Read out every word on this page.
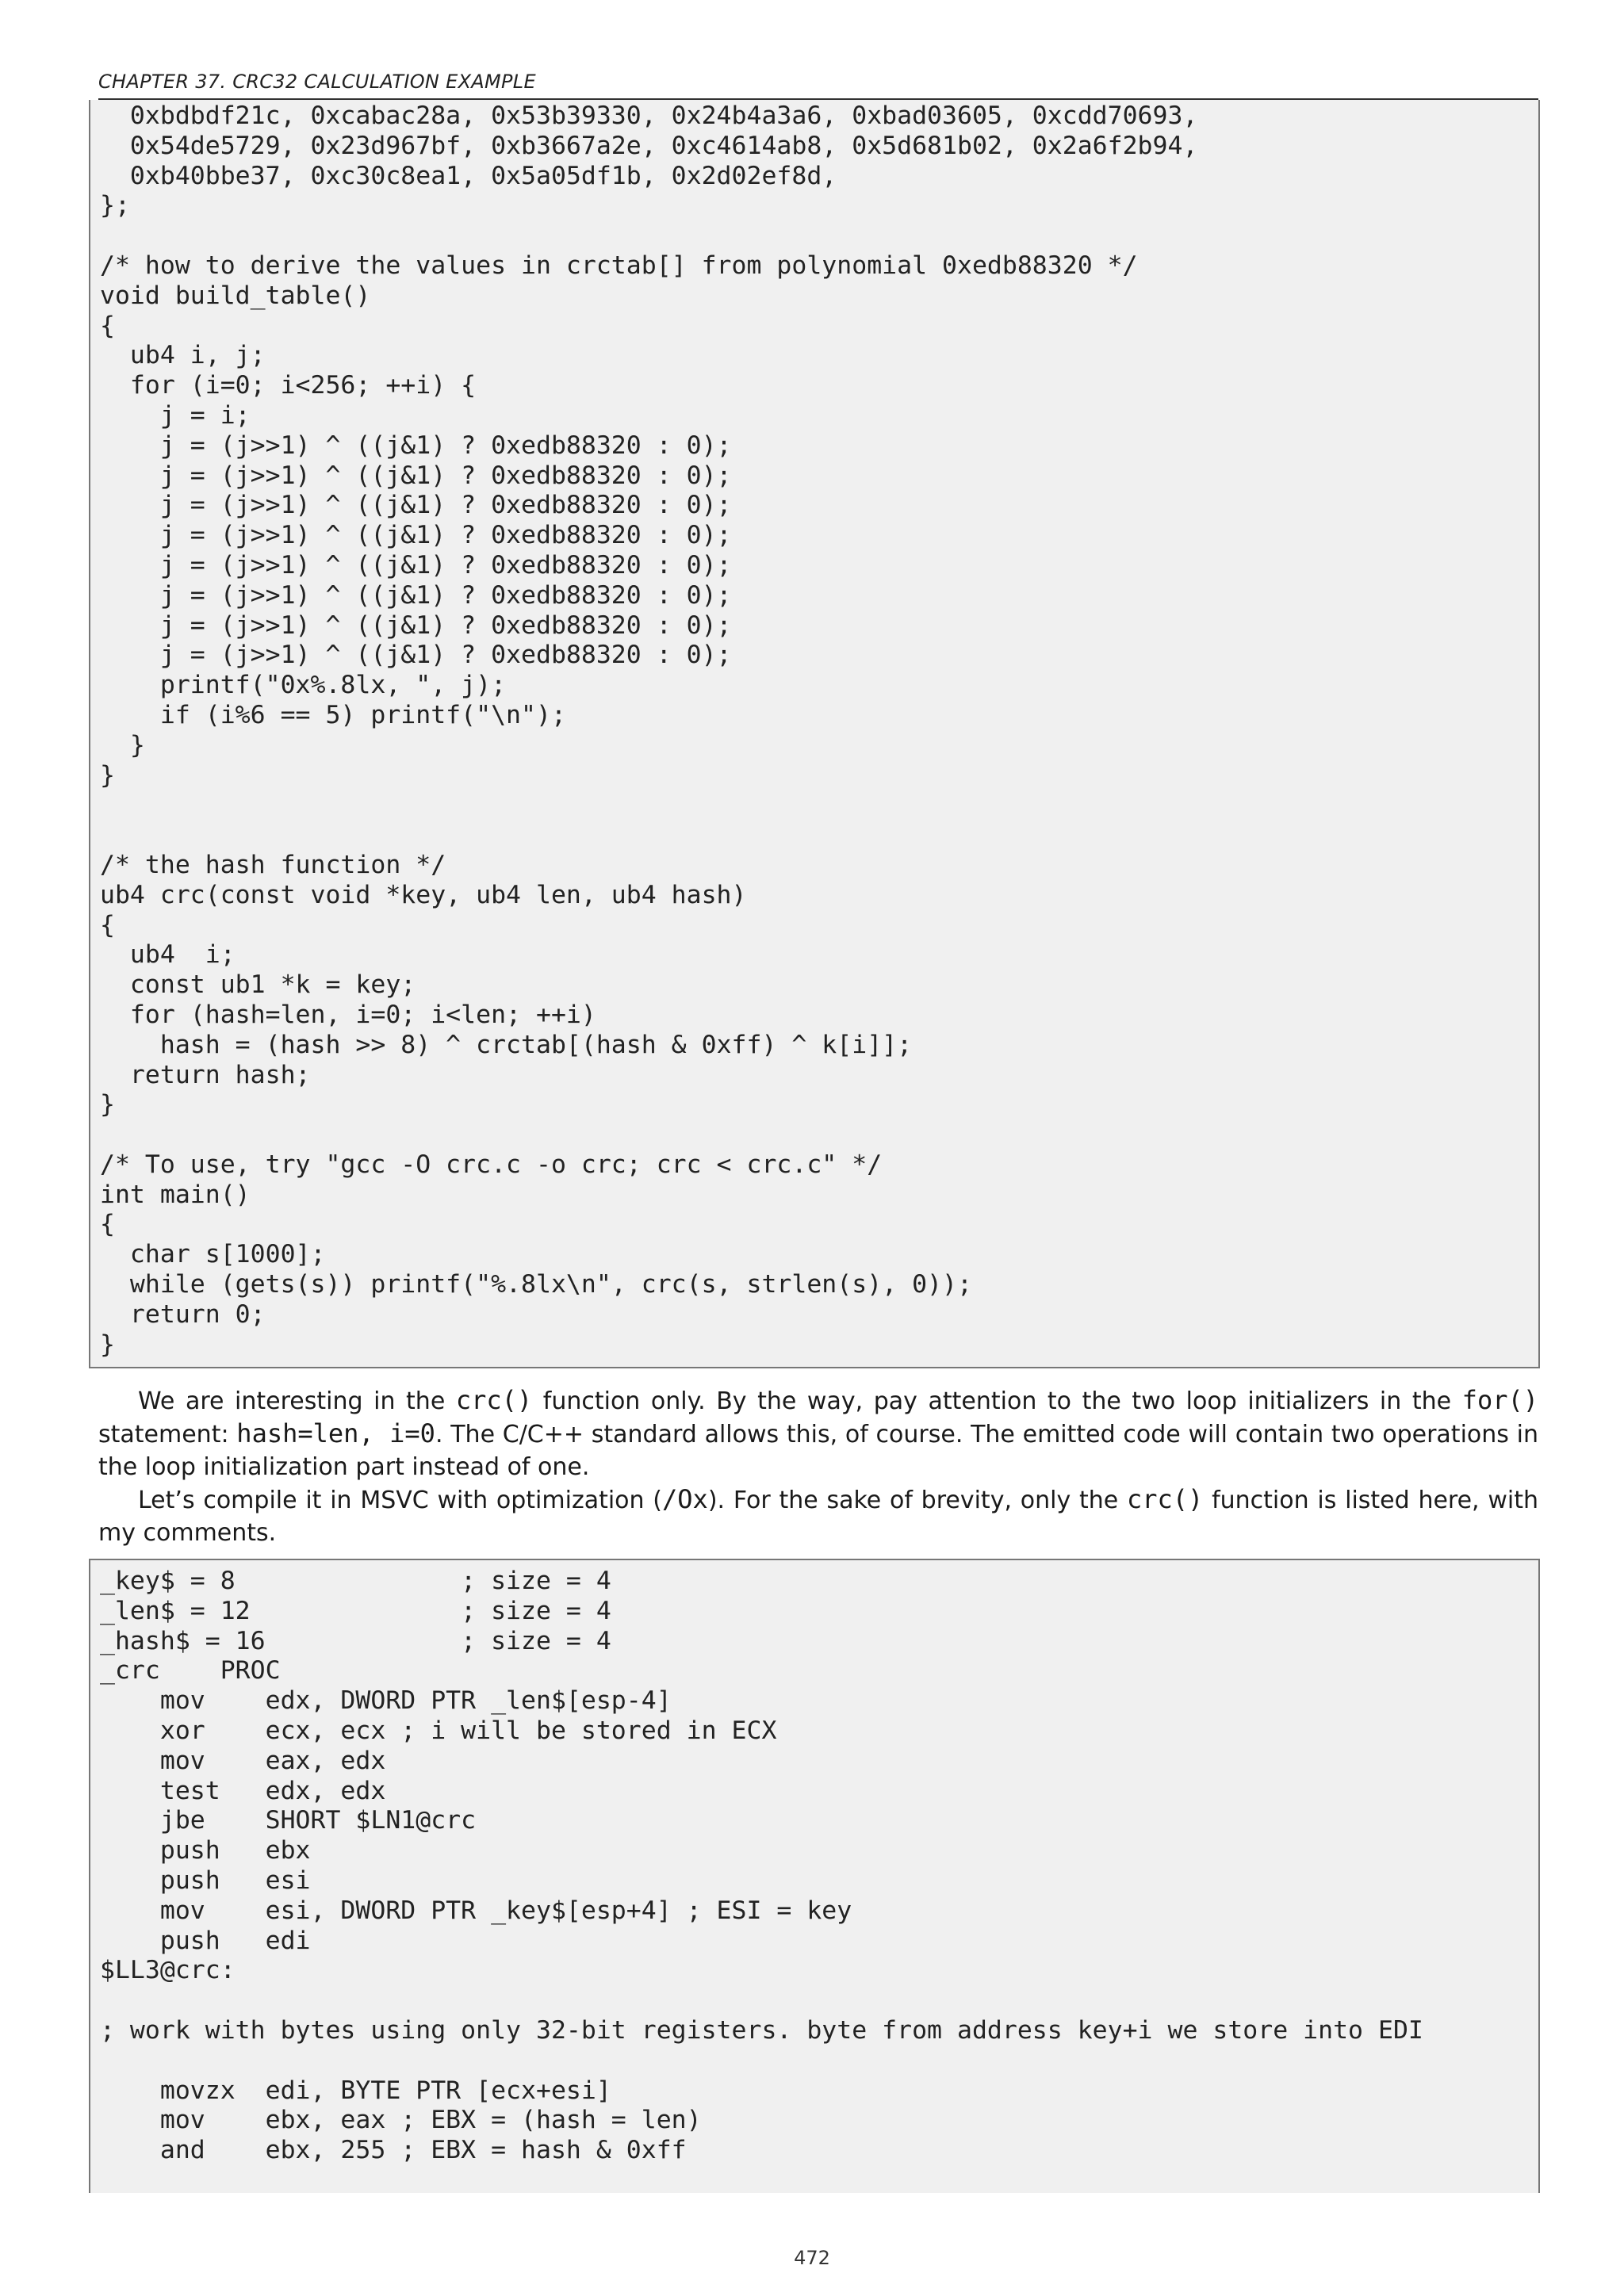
CHAPTER 37. CRC32 CALCULATION EXAMPLE
0xbdbdf21c, 0xcabac28a, 0x53b39330, 0x24b4a3a6, 0xbad03605, 0xcdd70693,
0x54de5729, 0x23d967bf, 0xb3667a2e, 0xc4614ab8, 0x5d681b02, 0x2a6f2b94,
0xb40bbe37, 0xc30c8ea1, 0x5a05df1b, 0x2d02ef8d,
};

/* how to derive the values in crctab[] from polynomial 0xedb88320 */
void build_table()
{
ub4 i, j;
for (i=0; i<256; ++i) {
j = i;
j = (j>>1) ^ ((j&1) ? 0xedb88320 : 0);
j = (j>>1) ^ ((j&1) ? 0xedb88320 : 0);
j = (j>>1) ^ ((j&1) ? 0xedb88320 : 0);
j = (j>>1) ^ ((j&1) ? 0xedb88320 : 0);
j = (j>>1) ^ ((j&1) ? 0xedb88320 : 0);
j = (j>>1) ^ ((j&1) ? 0xedb88320 : 0);
j = (j>>1) ^ ((j&1) ? 0xedb88320 : 0);
j = (j>>1) ^ ((j&1) ? 0xedb88320 : 0);
printf("0x%.8lx, ", j);
if (i%6 == 5) printf("\n");
}
}

/* the hash function */
ub4 crc(const void *key, ub4 len, ub4 hash)
{
ub4  i;
const ub1 *k = key;
for (hash=len, i=0; i<len; ++i)
hash = (hash >> 8) ^ crctab[(hash & 0xff) ^ k[i]];
return hash;
}

/* To use, try "gcc -O crc.c -o crc; crc < crc.c" */
int main()
{
char s[1000];
while (gets(s)) printf("%.8lx\n", crc(s, strlen(s), 0));
return 0;
}

We are interesting in the crc() function only. By the way, pay attention to the two loop initializers in the for() statement: hash=len, i=0. The C/C++ standard allows this, of course. The emitted code will contain two operations in the loop initialization part instead of one.

Let’s compile it in MSVC with optimization (/Ox). For the sake of brevity, only the crc() function is listed here, with my comments.

_key$ = 8               ; size = 4
_len$ = 12              ; size = 4
_hash$ = 16             ; size = 4
_crc    PROC
mov    edx, DWORD PTR _len$[esp-4]
xor    ecx, ecx ; i will be stored in ECX
mov    eax, edx
test   edx, edx
jbe    SHORT $LN1@crc
push   ebx
push   esi
mov    esi, DWORD PTR _key$[esp+4] ; ESI = key
push   edi
$LL3@crc:

; work with bytes using only 32-bit registers. byte from address key+i we store into EDI

movzx  edi, BYTE PTR [ecx+esi]
mov    ebx, eax ; EBX = (hash = len)
and    ebx, 255 ; EBX = hash & 0xff
472
